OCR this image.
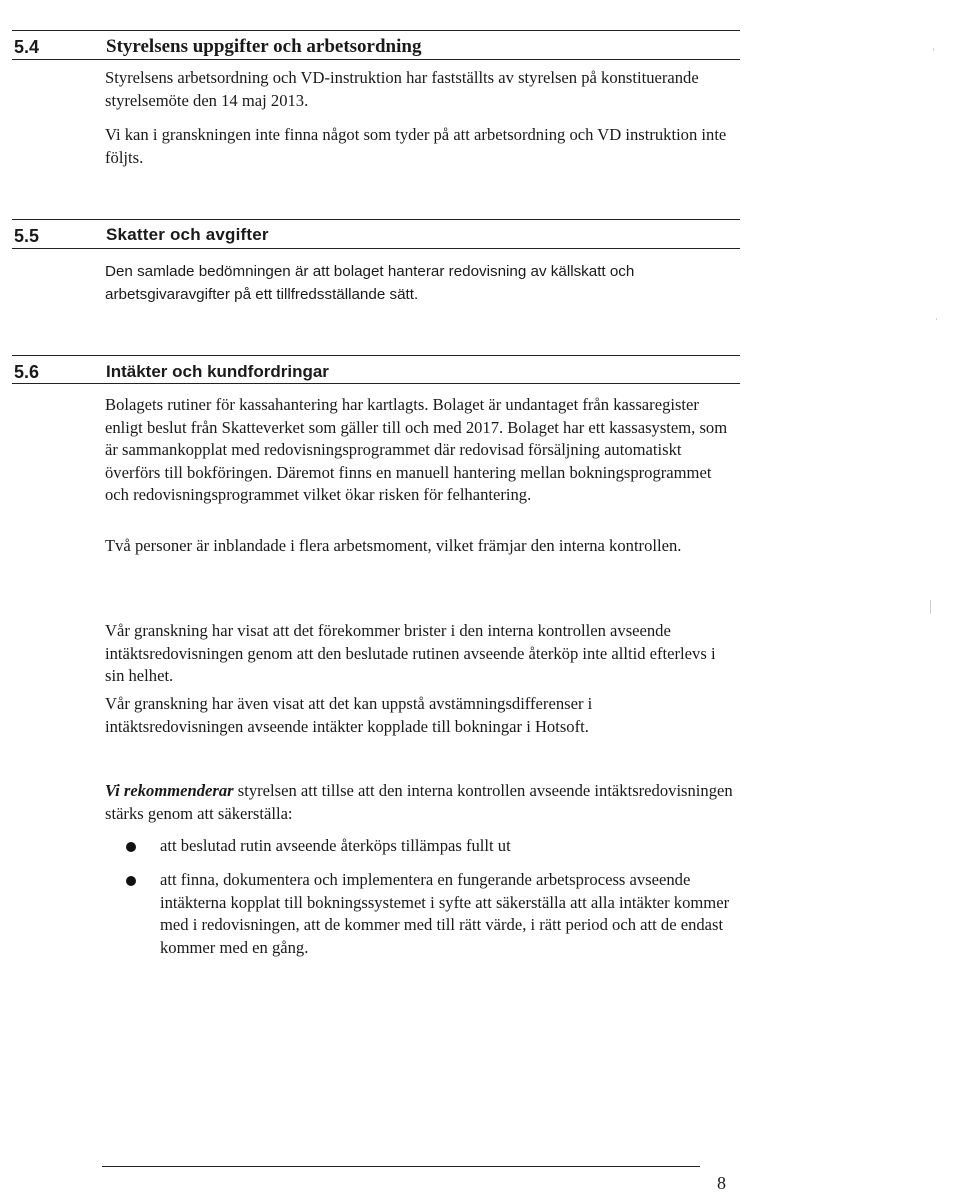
5.4	Styrelsens uppgifter och arbetsordning

Styrelsens arbetsordning och VD-instruktion har fastställts av styrelsen på konstituerande styrelsemöte den 14 maj 2013.

Vi kan i granskningen inte finna något som tyder på att arbetsordning och VD instruktion inte följts.

5.5	Skatter och avgifter

Den samlade bedömningen är att bolaget hanterar redovisning av källskatt och arbetsgivaravgifter på ett tillfredsställande sätt.

5.6	Intäkter och kundfordringar

Bolagets rutiner för kassahantering har kartlagts. Bolaget är undantaget från kassaregister enligt beslut från Skatteverket som gäller till och med 2017. Bolaget har ett kassasystem, som är sammankopplat med redovisningsprogrammet där redovisad försäljning automatiskt överförs till bokföringen. Däremot finns en manuell hantering mellan bokningsprogrammet och redovisningsprogrammet vilket ökar risken för felhantering.

Två personer är inblandade i flera arbetsmoment, vilket främjar den interna kontrollen.

Vår granskning har visat att det förekommer brister i den interna kontrollen avseende intäktsredovisningen genom att den beslutade rutinen avseende återköp inte alltid efterlevs i sin helhet.

Vår granskning har även visat att det kan uppstå avstämningsdifferenser i intäktsredovisningen avseende intäkter kopplade till bokningar i Hotsoft.

Vi rekommenderar styrelsen att tillse att den interna kontrollen avseende intäktsredovisningen stärks genom att säkerställa:

att beslutad rutin avseende återköps tillämpas fullt ut

att finna, dokumentera och implementera en fungerande arbetsprocess avseende intäkterna kopplat till bokningssystemet i syfte att säkerställa att alla intäkter kommer med i redovisningen, att de kommer med till rätt värde, i rätt period och att de endast kommer med en gång.

8
